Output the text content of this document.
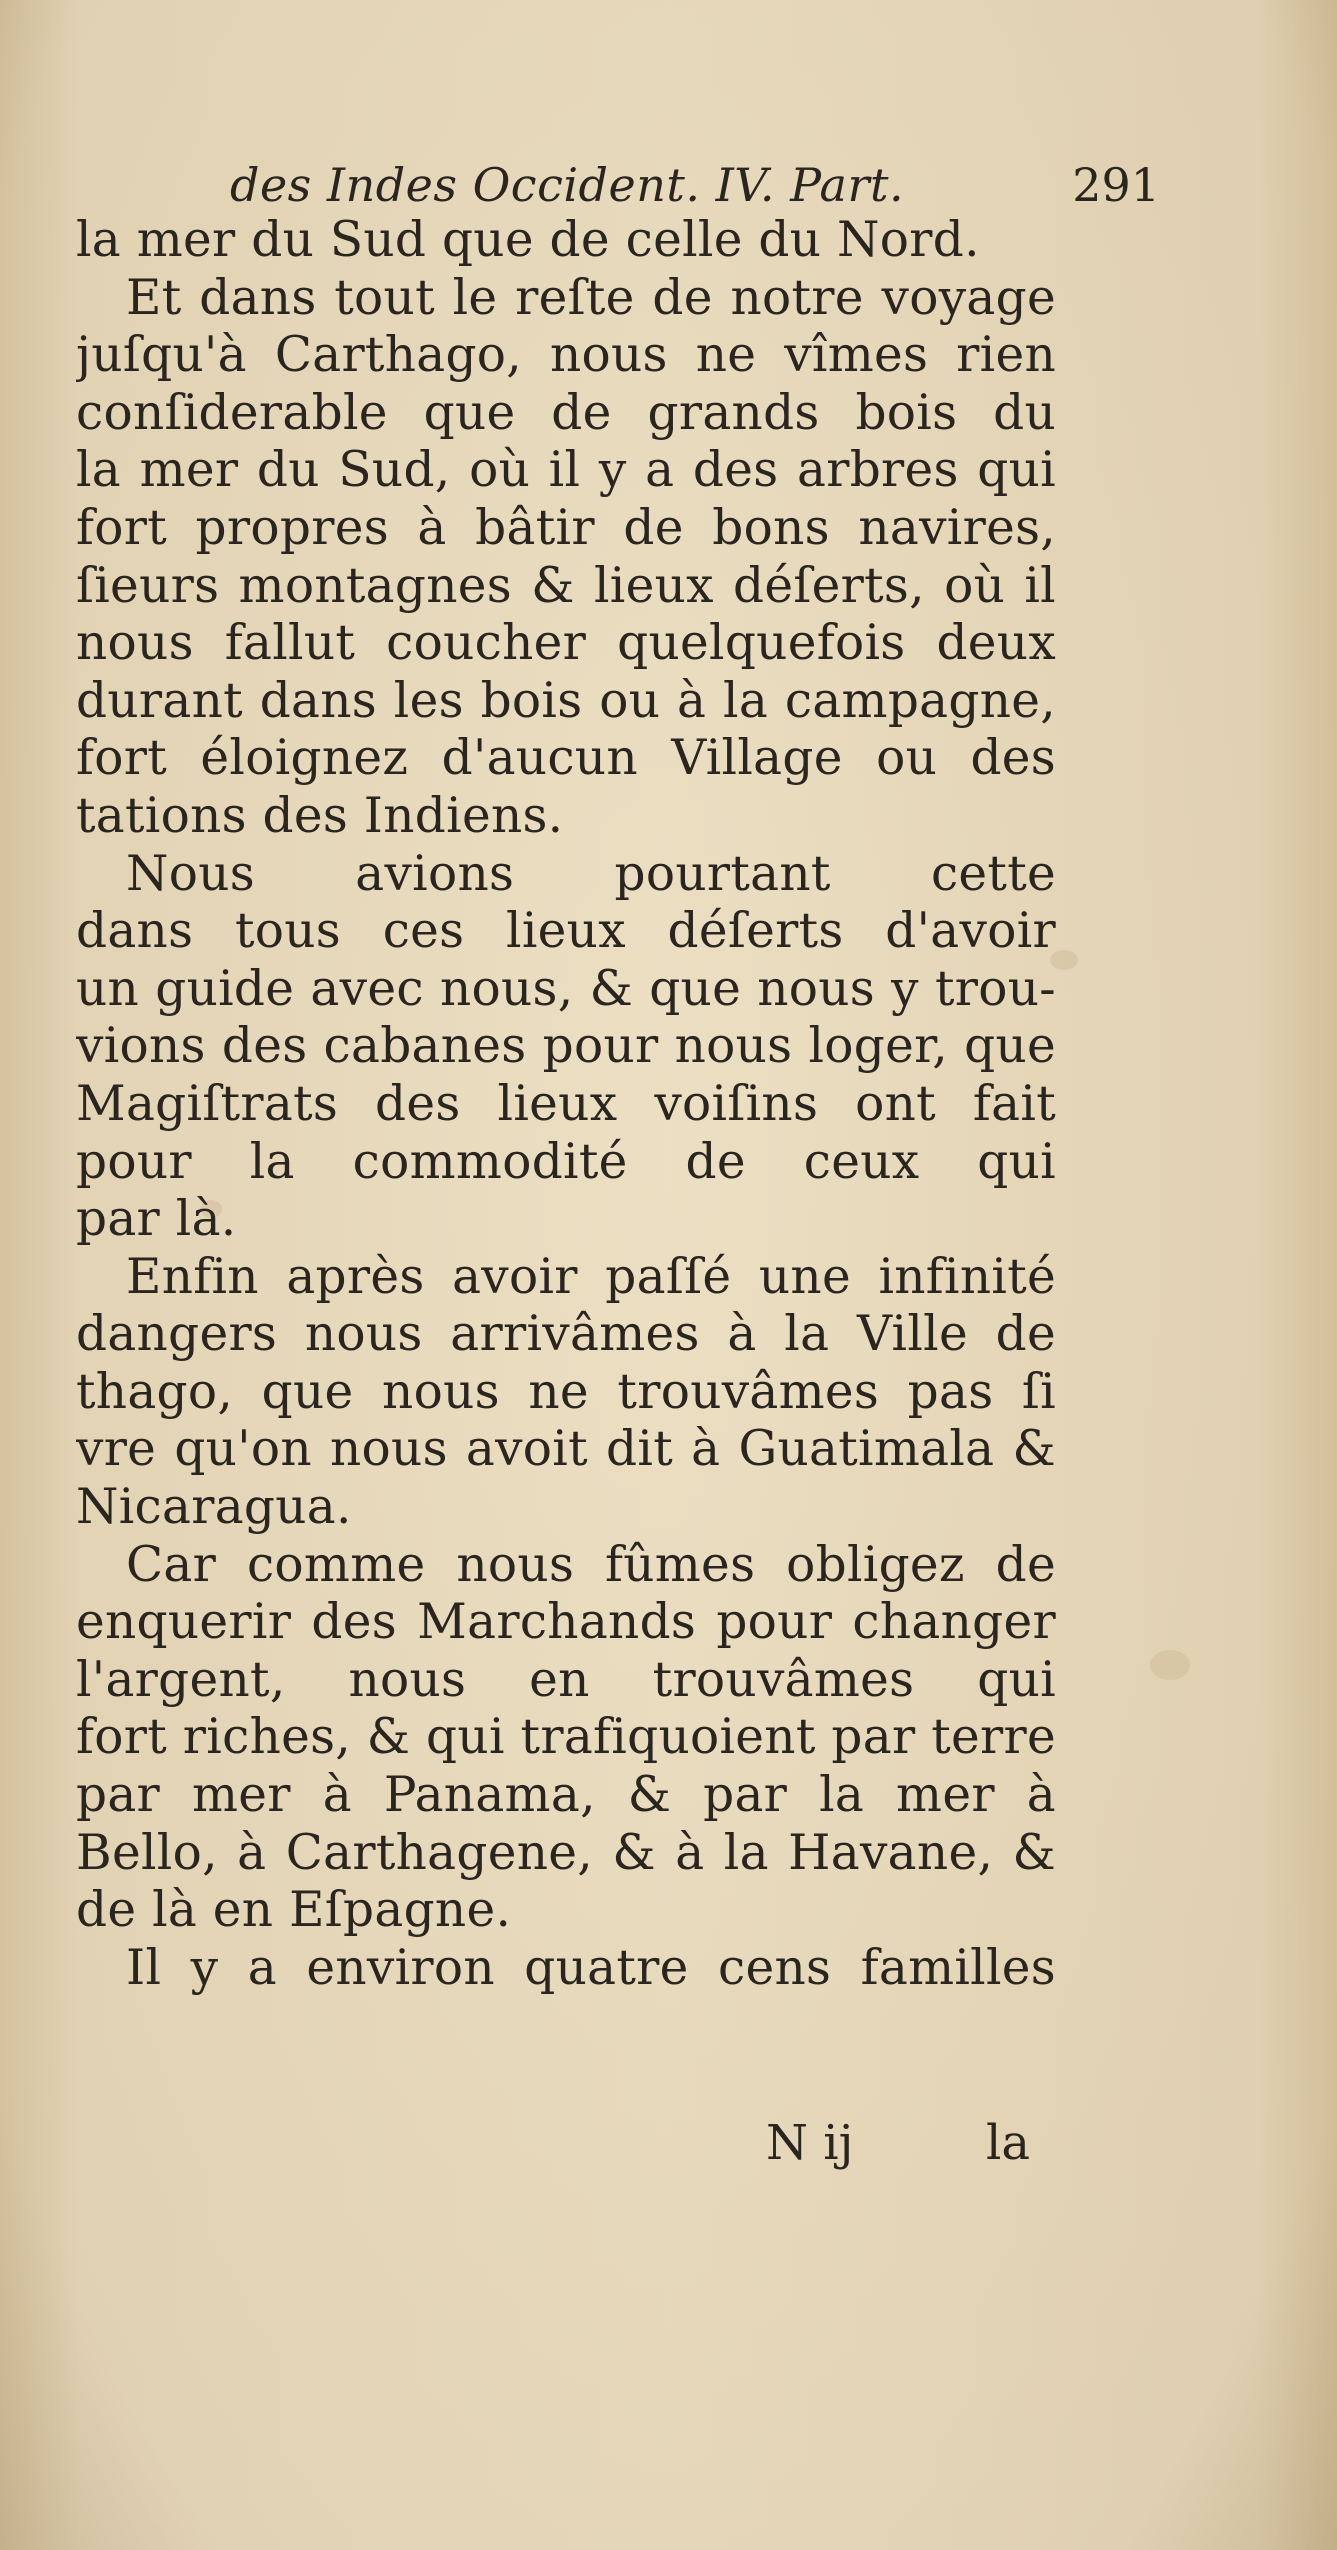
des Indes Occident. IV. Part.	291
la mer du Sud que de celle du Nord.
Et dans tout le reſte de notre voyage
juſqu'à Carthago, nous ne vîmes rien
conſiderable que de grands bois du
la mer du Sud, où il y a des arbres qui
fort propres à bâtir de bons navires,
ſieurs montagnes & lieux déſerts, où il
nous fallut coucher quelquefois deux
durant dans les bois ou à la campagne,
fort éloignez d'aucun Village ou des
tations des Indiens.
Nous avions pourtant cette
dans tous ces lieux déſerts d'avoir
un guide avec nous, & que nous y trou-
vions des cabanes pour nous loger, que
Magiſtrats des lieux voiſins ont fait
pour la commodité de ceux qui
par là.
Enfin après avoir paſſé une infinité
dangers nous arrivâmes à la Ville de
thago, que nous ne trouvâmes pas ſi
vre qu'on nous avoit dit à Guatimala &
Nicaragua.
Car comme nous fûmes obligez de
enquerir des Marchands pour changer
l'argent, nous en trouvâmes qui
fort riches, & qui trafiquoient par terre
par mer à Panama, & par la mer à
Bello, à Carthagene, & à la Havane, &
de là en Eſpagne.
Il y a environ quatre cens familles
N ij	la
